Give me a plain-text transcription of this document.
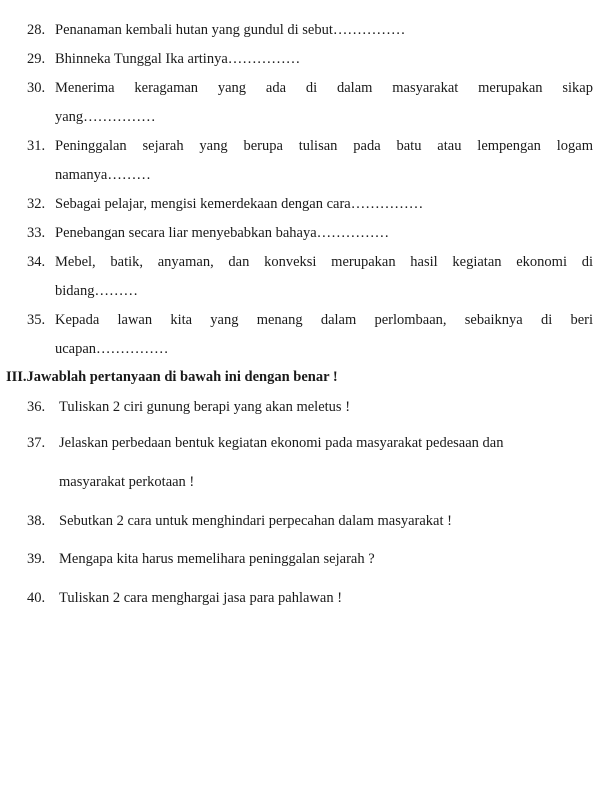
28. Penanaman kembali hutan yang gundul di sebut……………
29. Bhinneka Tunggal Ika artinya……………
30. Menerima keragaman yang ada di dalam masyarakat merupakan sikap
yang……………
31. Peninggalan sejarah yang berupa tulisan pada batu atau lempengan logam
namanya………
32. Sebagai pelajar, mengisi kemerdekaan dengan cara……………
33. Penebangan secara liar menyebabkan bahaya……………
34. Mebel, batik, anyaman, dan konveksi merupakan hasil kegiatan ekonomi di
bidang………
35. Kepada lawan kita yang menang dalam perlombaan, sebaiknya di beri
ucapan……………
III.Jawablah pertanyaan di bawah ini dengan benar !
36. Tuliskan 2 ciri gunung berapi yang akan meletus !
37. Jelaskan perbedaan bentuk kegiatan ekonomi pada masyarakat pedesaan dan
masyarakat perkotaan !
38. Sebutkan 2 cara untuk menghindari perpecahan dalam masyarakat !
39. Mengapa kita harus memelihara peninggalan sejarah ?
40. Tuliskan 2 cara menghargai jasa para pahlawan !
